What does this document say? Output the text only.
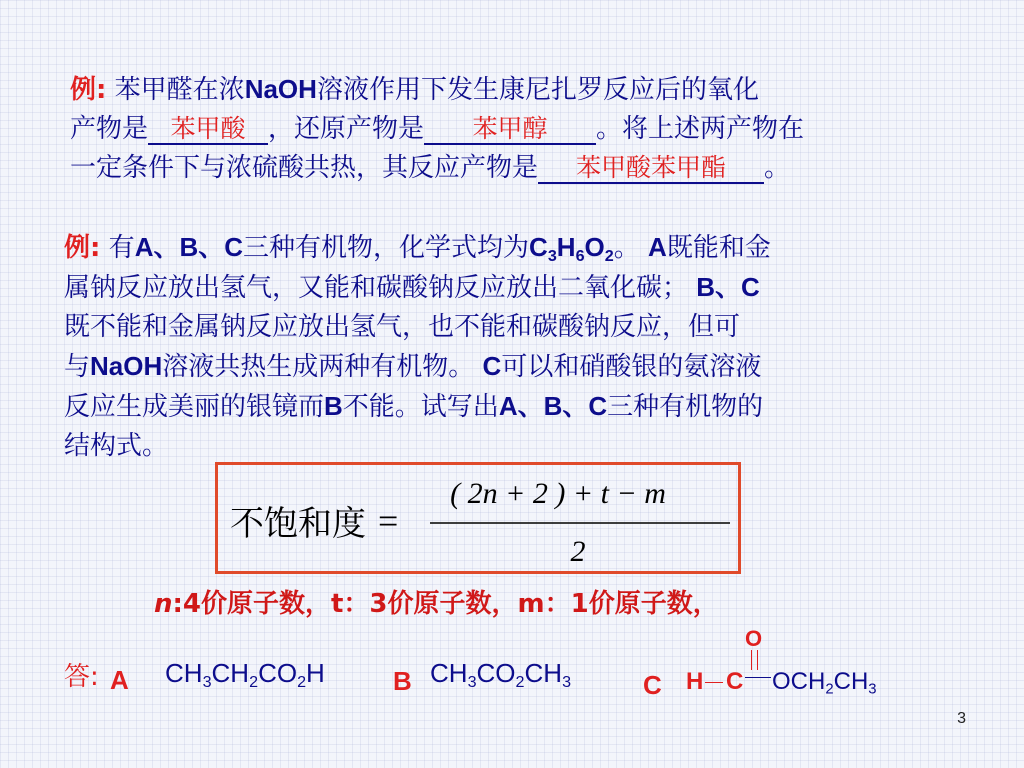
例: 苯甲醛在浓NaOH溶液作用下发生康尼扎罗反应后的氧化
产物是 苯甲酸 ，还原产物是 苯甲醇 。将上述两产物在
一定条件下与浓硫酸共热，其反应产物是 苯甲酸苯甲酯 。
例: 有A、B、C三种有机物，化学式均为$C_3H_6O_2$。 A既能和金
属钠反应放出氢气，又能和碳酸钠反应放出二氧化碳； B、C
既不能和金属钠反应放出氢气，也不能和碳酸钠反应，但可
与NaOH溶液共热生成两种有机物。 C可以和硝酸银的氨溶液
反应生成美丽的银镜而B不能。试写出A、B、C三种有机物的
结构式。
不饱和度 =
( 2n + 2 ) + t − m
2
n:4价原子数，t：3价原子数，m：1价原子数，
答: A $CH_3CH_2CO_2H$	B $CH_3CO_2CH_3$	C
O
H C $OCH_2CH_3$
3
